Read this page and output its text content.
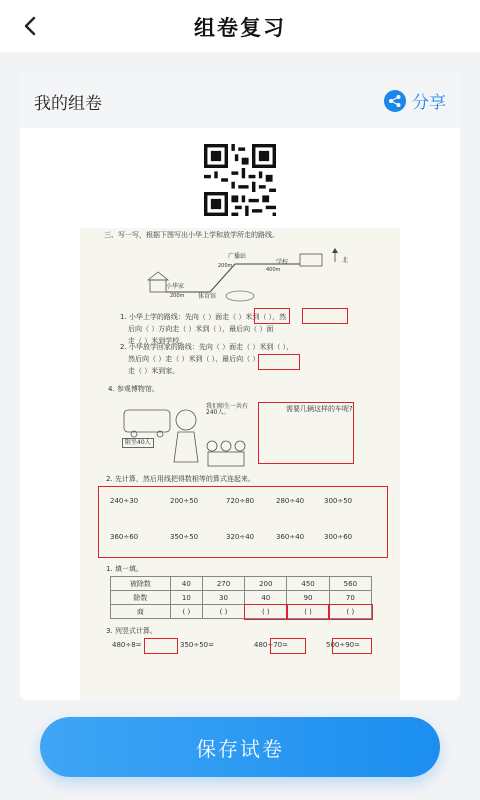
组卷复习
我的组卷	分享
三、写一写，根据下图写出小华上学和放学所走的路线。
广播站
学校	北
小华家
体育馆
200m
200m
400m
1. 小华上学的路线：先向（ ）面走（ ）米到（ ），然
后向（ ）方向走（ ）米到（ ），最后向（ ）面
走（ ）米到学校。
2. 小华放学回家的路线：先向（ ）面走（ ）米到（ ），
然后向（ ）走（ ）米到（ ），最后向（ ）
走（ ）米到家。
4. 参观博物馆。
限坐40人
我们师生一共有240人。	需要几辆这样的车呢?
2. 先计算，然后用线把得数相等的算式连起来。
240÷30	200÷50	720÷80	280÷40	300÷50
360÷60	350÷50	320÷40	360÷40	300÷60
1. 填一填。
被除数	40	270	200	450	560
除数	10	30	40	90	70
商	( )	( )	( )	( )	( )
3. 列竖式计算。
480÷8=	350÷50=	480÷70=	500÷90=
保存试卷
